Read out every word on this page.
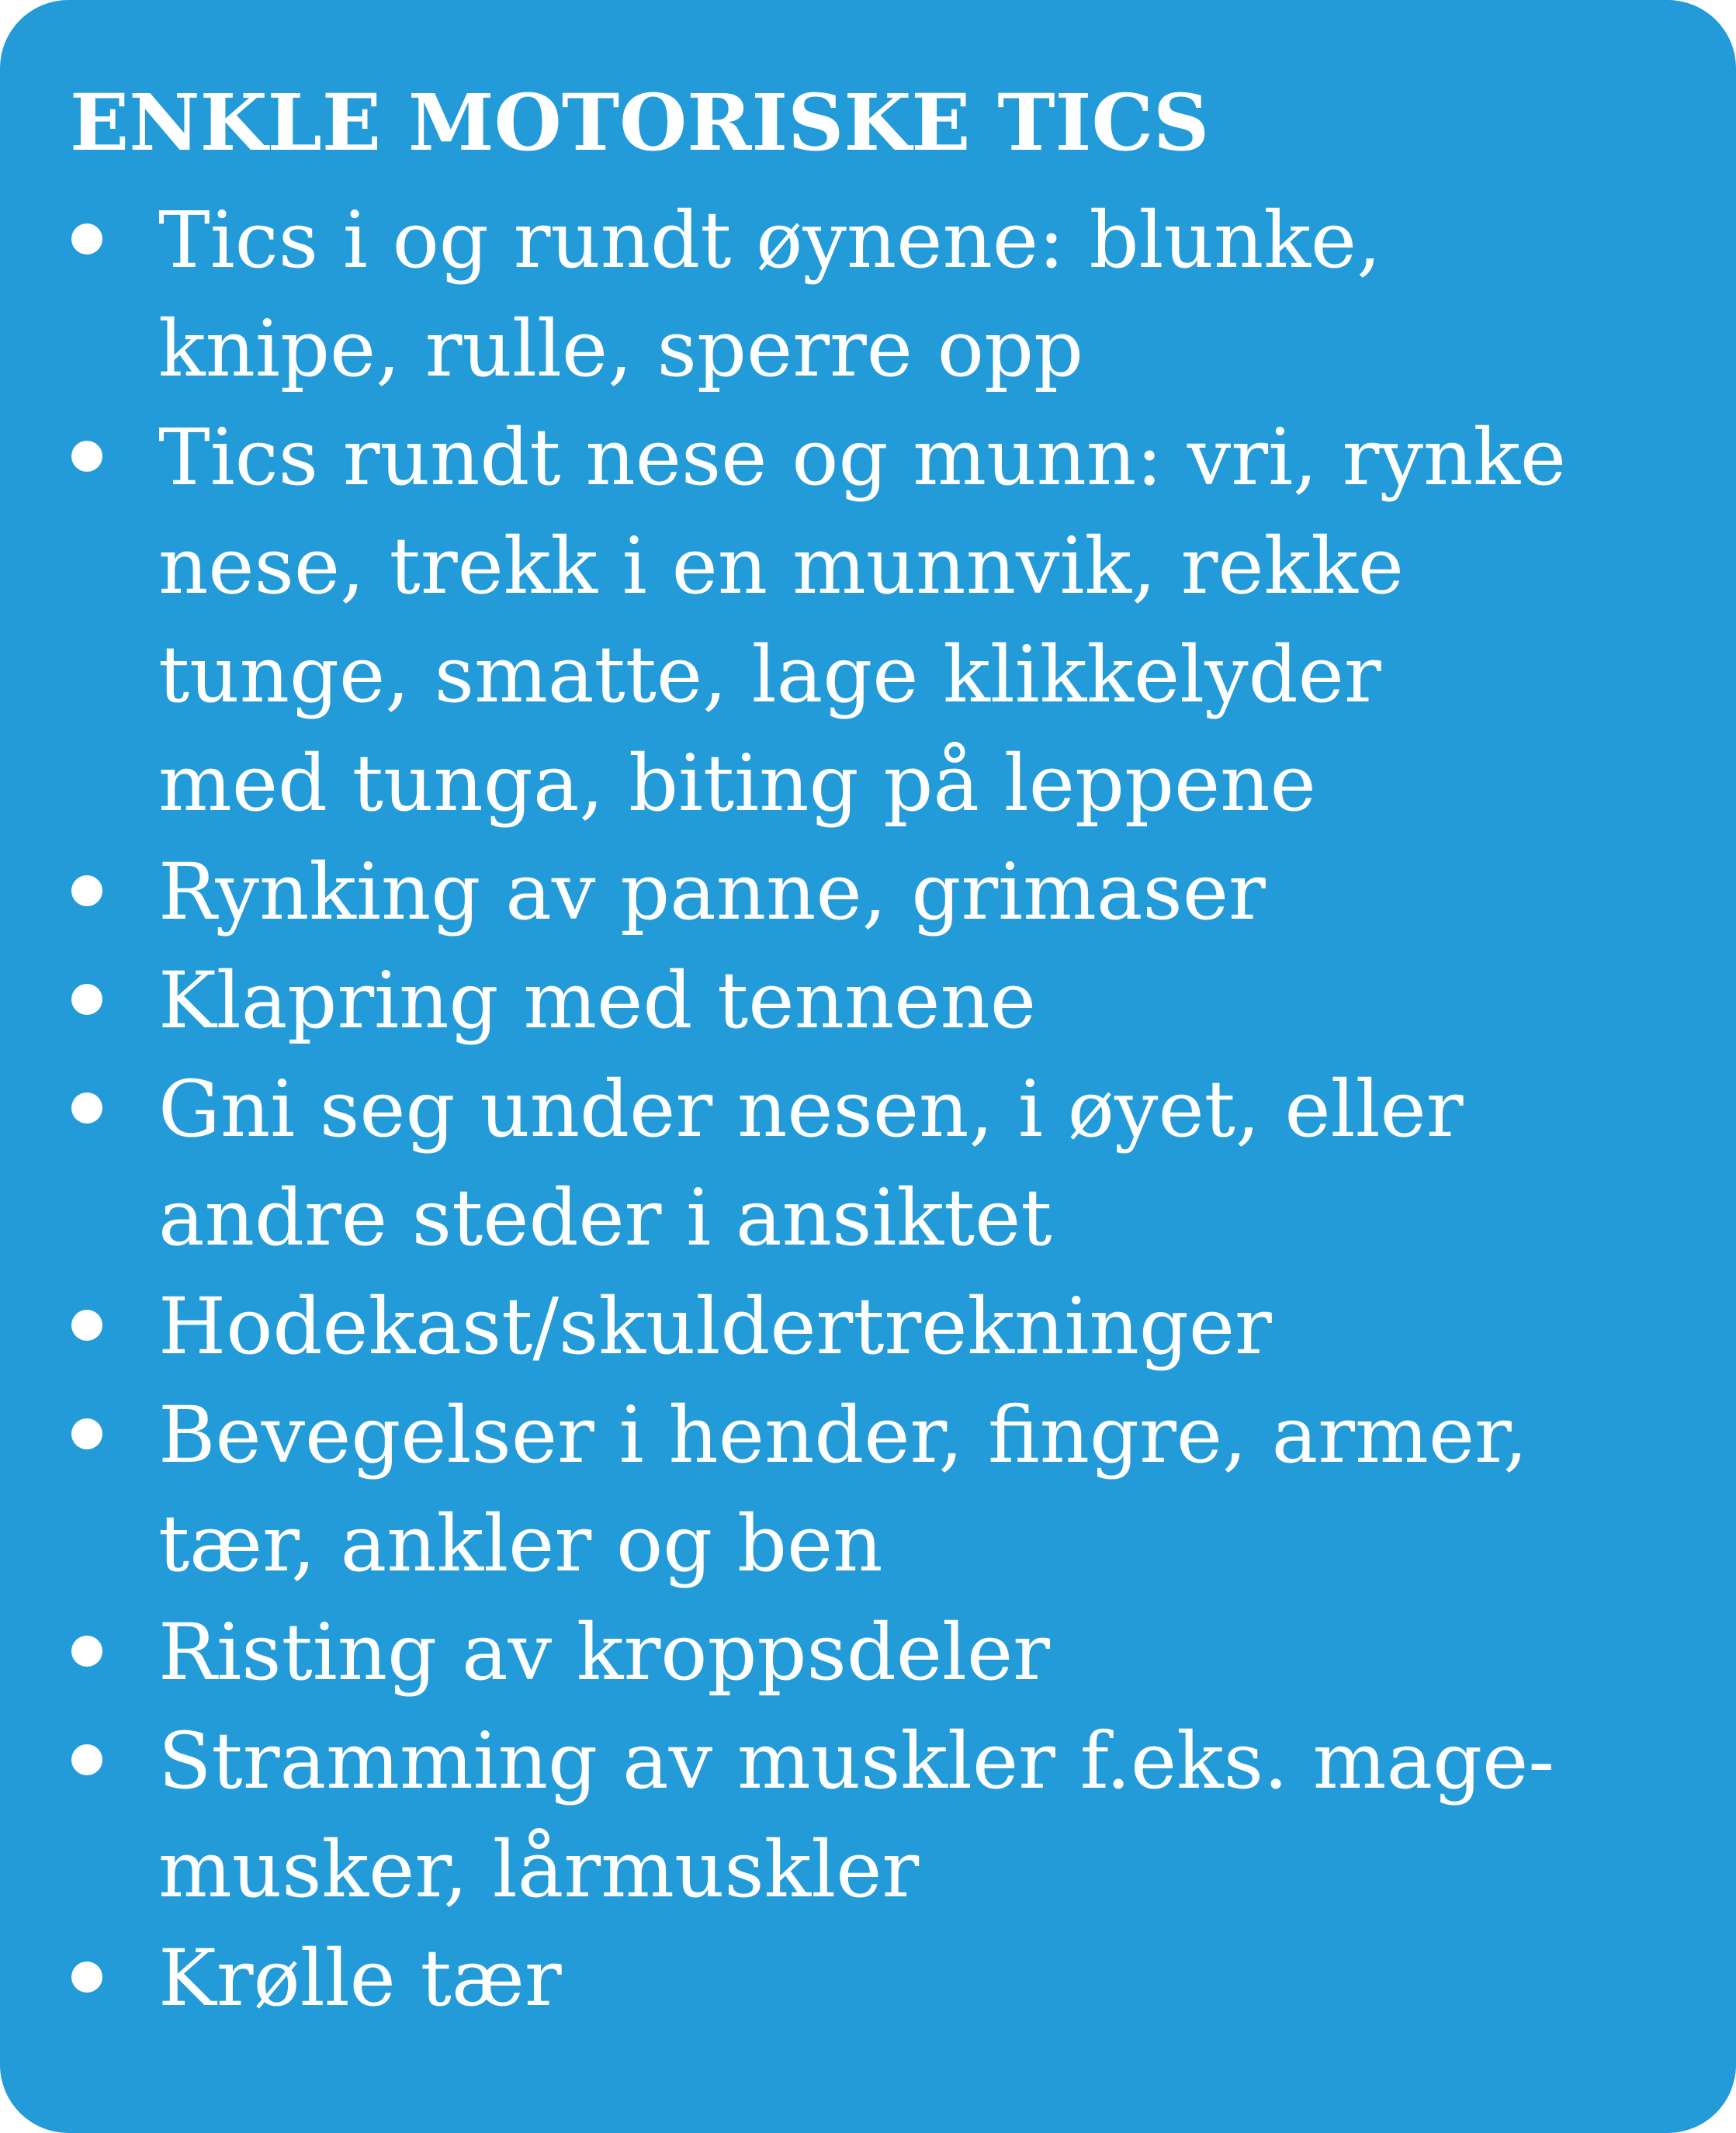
ENKLE MOTORISKE TICS
Tics i og rundt øynene: blunke,
knipe, rulle, sperre opp
Tics rundt nese og munn: vri, rynke
nese, trekk i en munnvik, rekke
tunge, smatte, lage klikkelyder
med tunga, biting på leppene
Rynking av panne, grimaser
Klapring med tennene
Gni seg under nesen, i øyet, eller
andre steder i ansiktet
Hodekast/skuldertrekninger
Bevegelser i hender, fingre, armer,
tær, ankler og ben
Risting av kroppsdeler
Stramming av muskler f.eks. mage-
musker, lårmuskler
Krølle tær
